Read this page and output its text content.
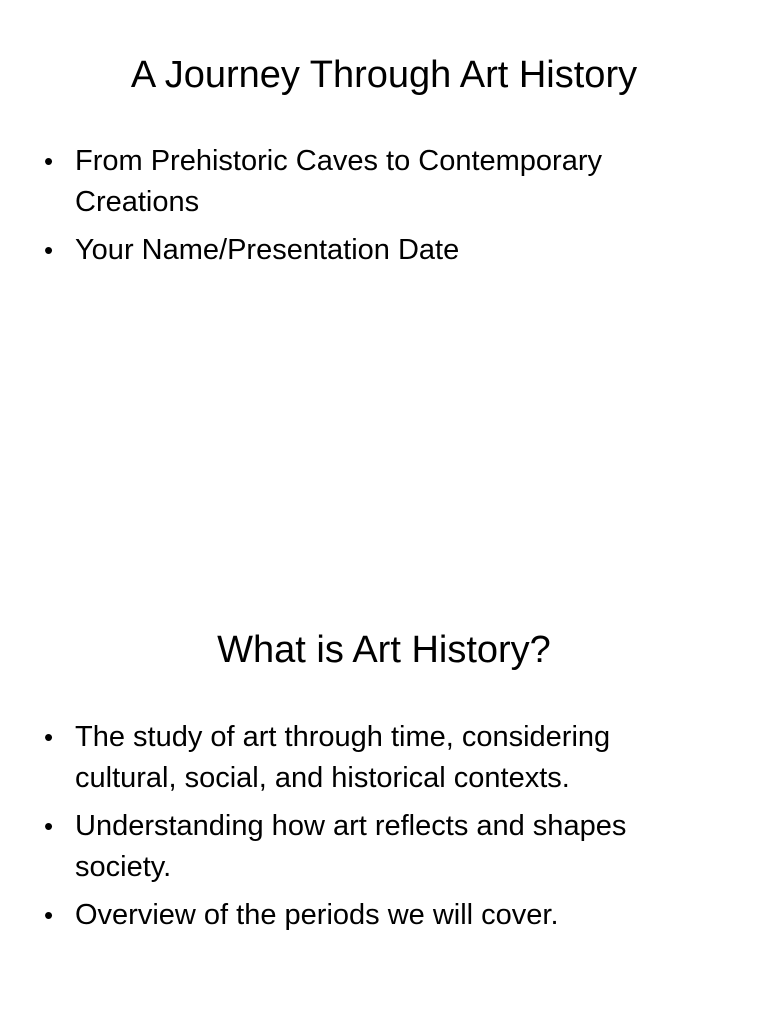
A Journey Through Art History
• From Prehistoric Caves to Contemporary Creations
• Your Name/Presentation Date
What is Art History?
• The study of art through time, considering cultural, social, and historical contexts.
• Understanding how art reflects and shapes society.
• Overview of the periods we will cover.
